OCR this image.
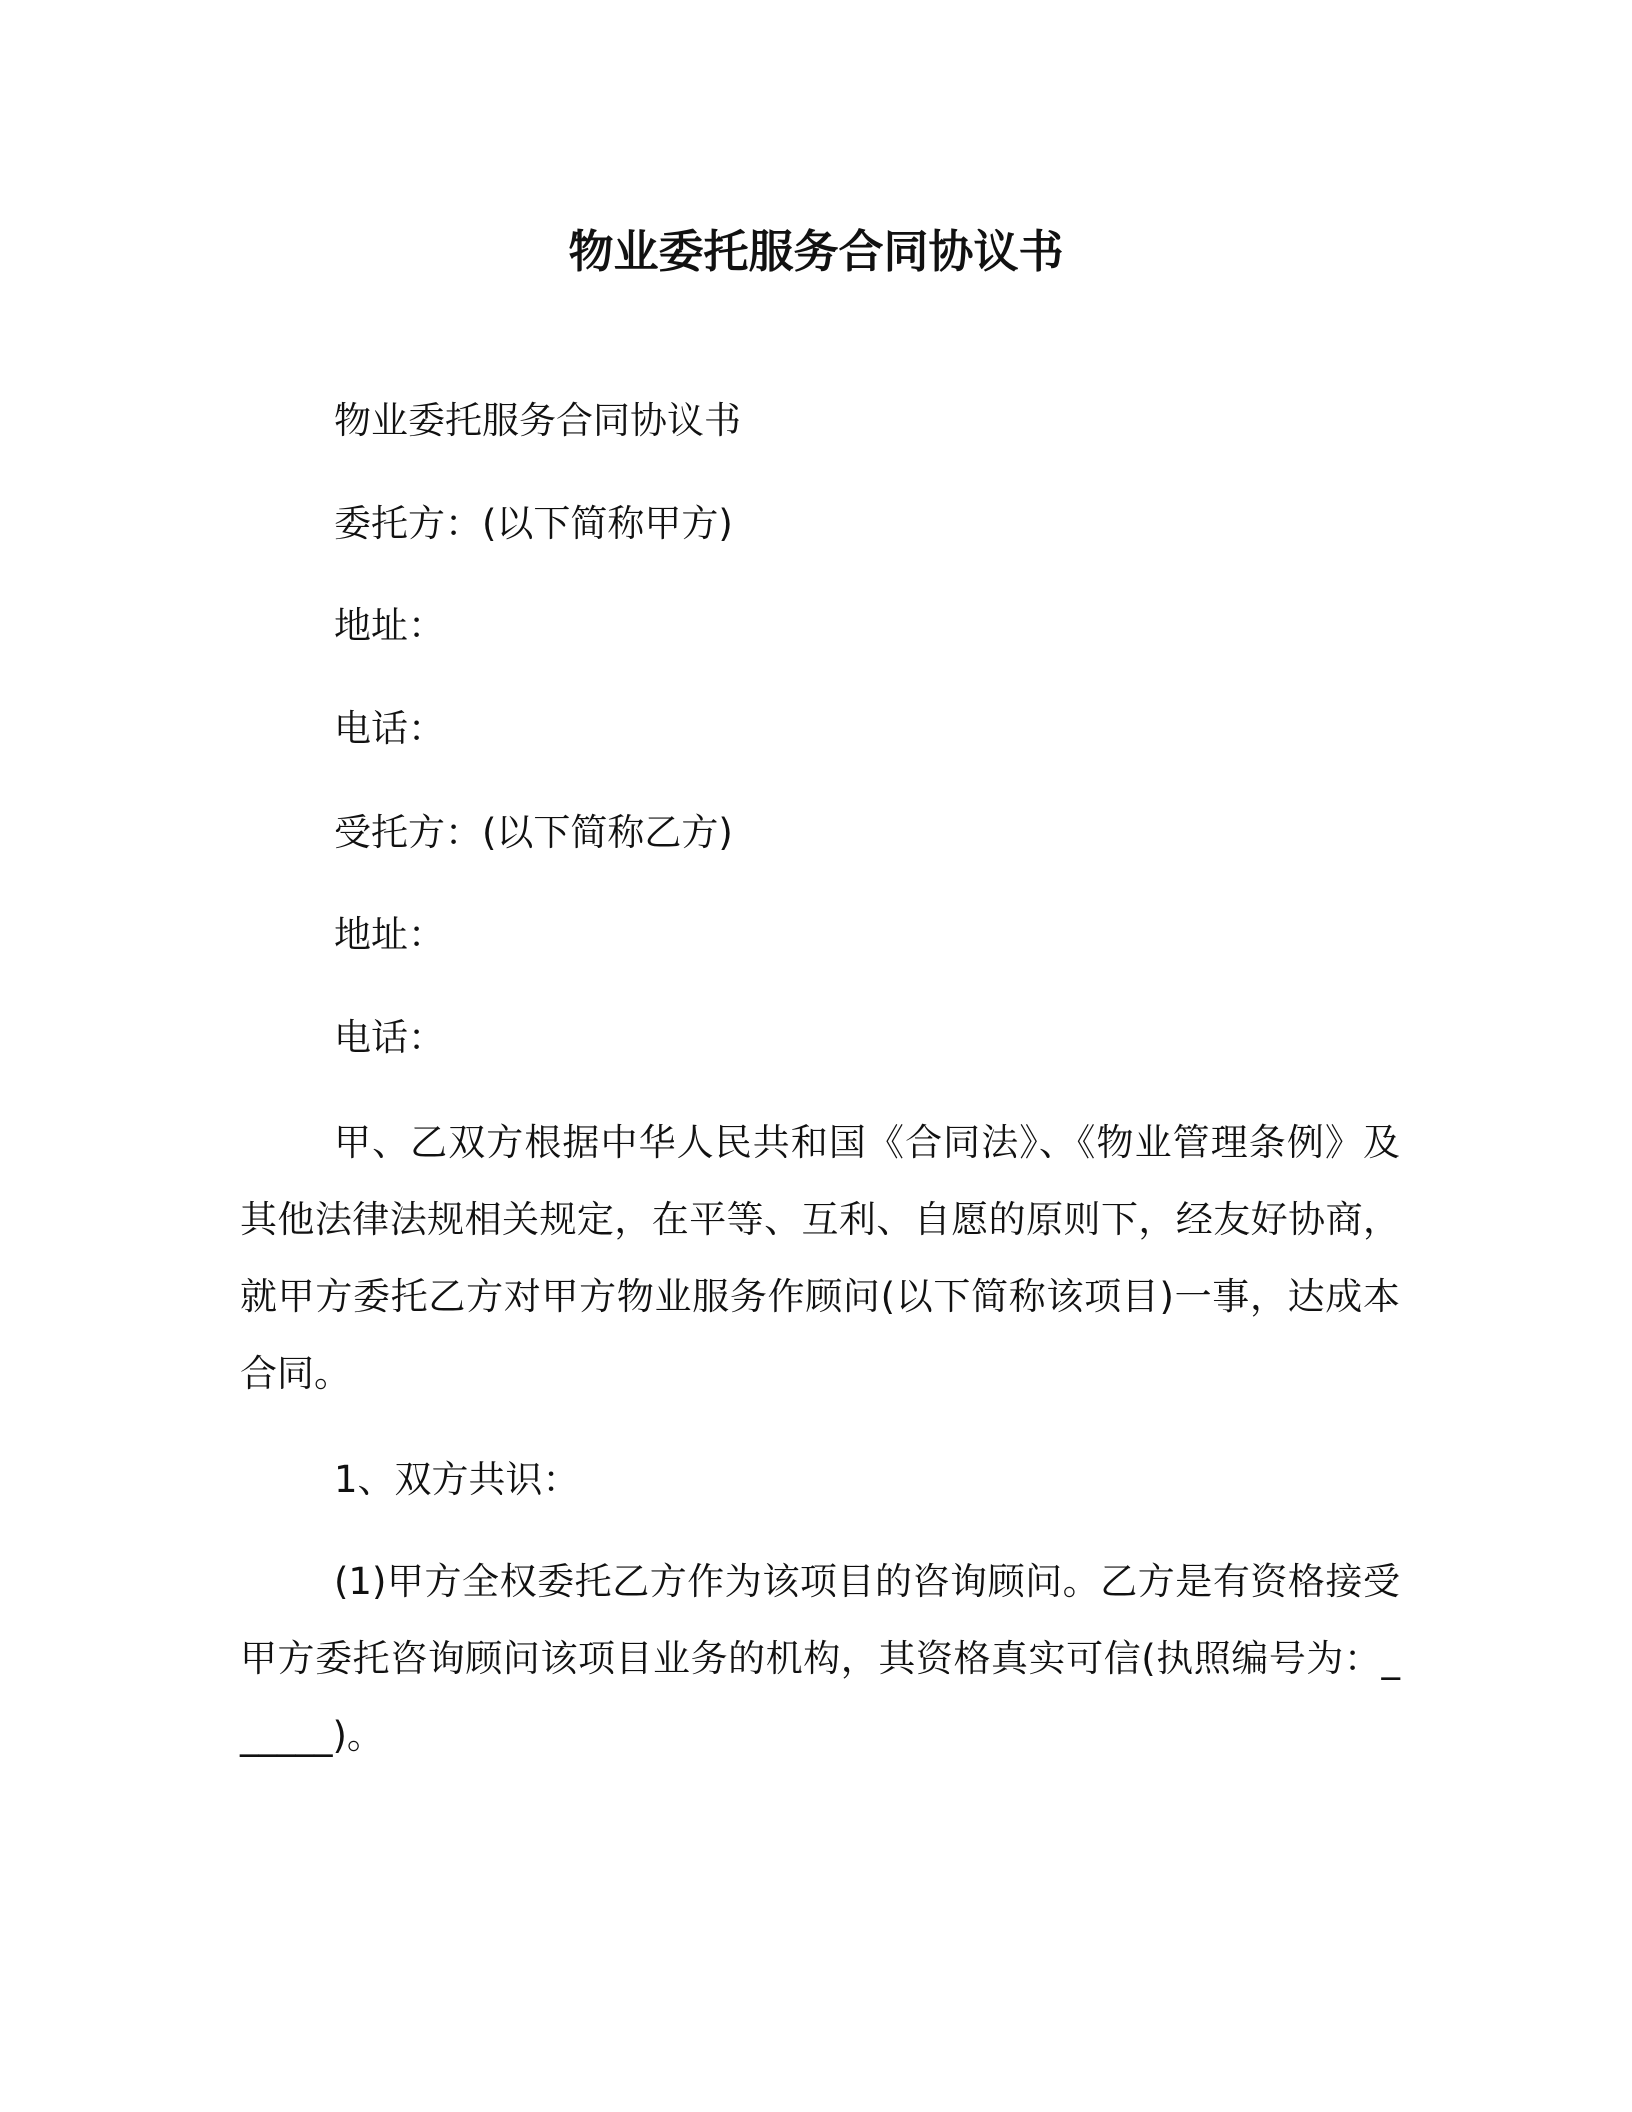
物业委托服务合同协议书
物业委托服务合同协议书
委托方：(以下简称甲方)
地址：
电话：
受托方：(以下简称乙方)
地址：
电话：
甲、乙双方根据中华人民共和国《合同法》、《物业管理条例》及其他法律法规相关规定，在平等、互利、自愿的原则下，经友好协商，就甲方委托乙方对甲方物业服务作顾问(以下简称该项目)一事，达成本合同。
1、双方共识：
(1)甲方全权委托乙方作为该项目的咨询顾问。乙方是有资格接受甲方委托咨询顾问该项目业务的机构，其资格真实可信(执照编号为：______)。
